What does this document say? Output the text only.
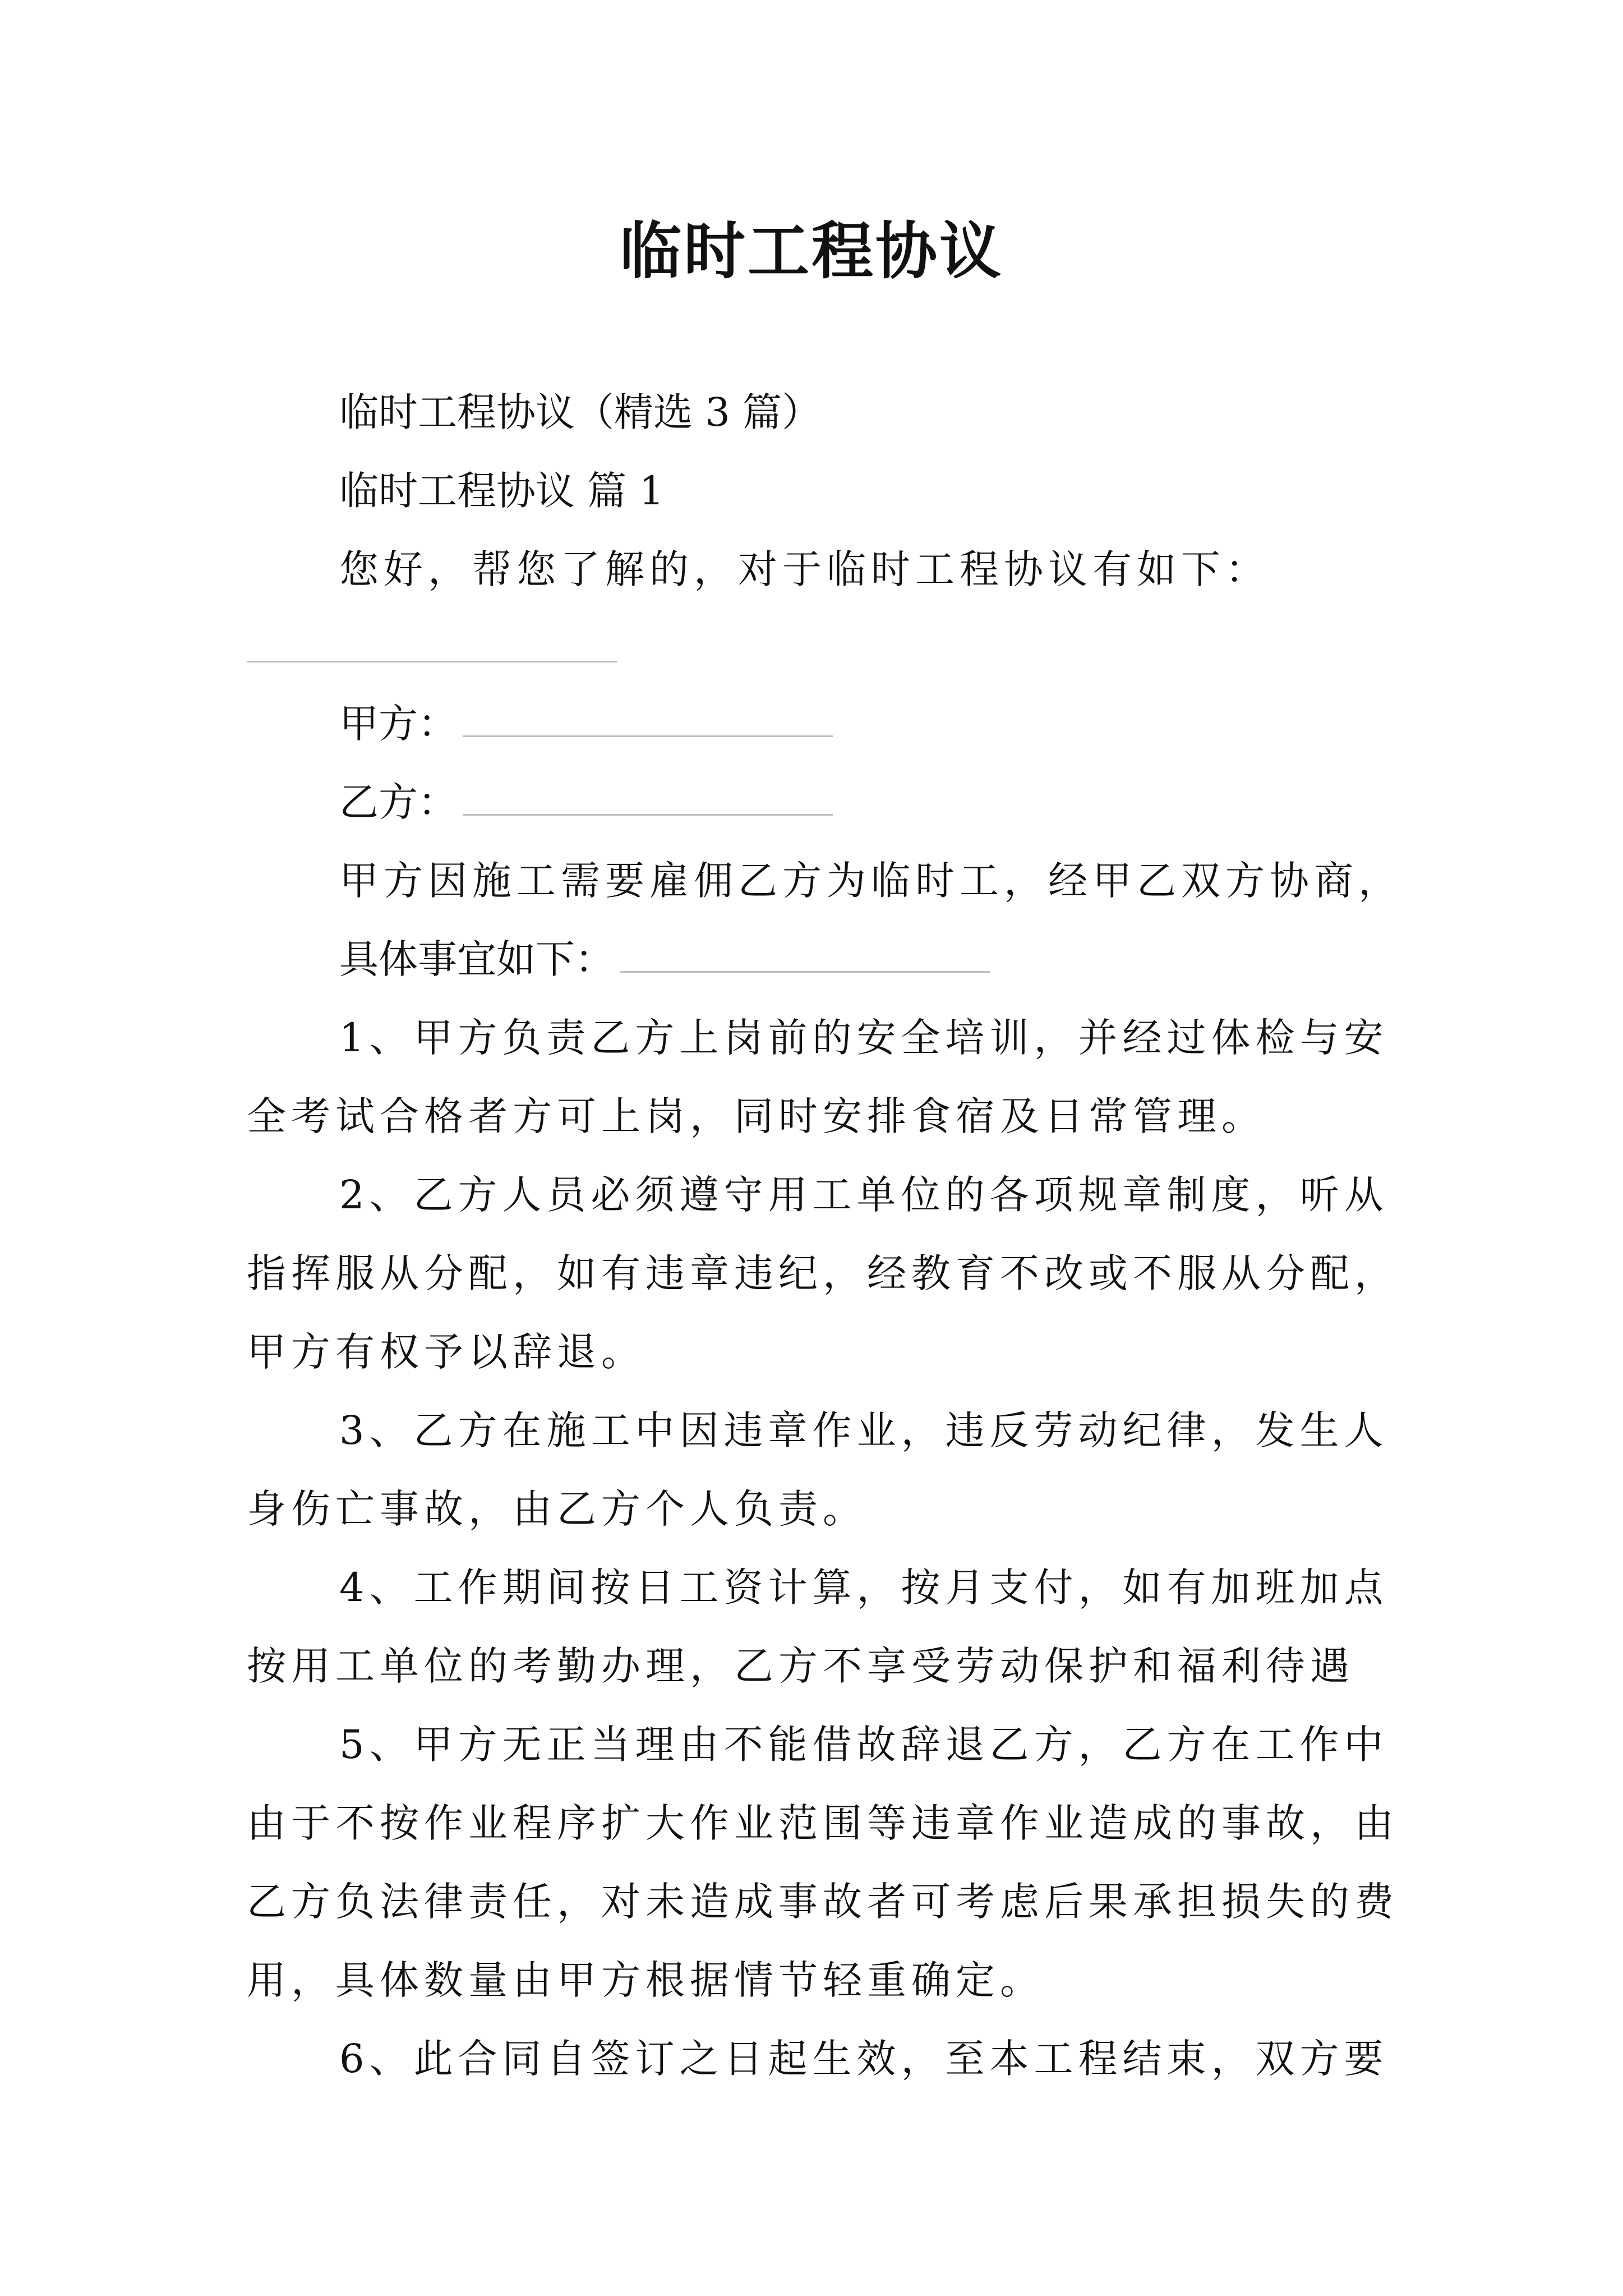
临时工程协议
临时工程协议（精选 3 篇）
临时工程协议 篇 1
您好，帮您了解的，对于临时工程协议有如下：
甲方：
乙方：
甲方因施工需要雇佣乙方为临时工，经甲乙双方协商，
具体事宜如下：
1、甲方负责乙方上岗前的安全培训，并经过体检与安
全考试合格者方可上岗，同时安排食宿及日常管理。
2、乙方人员必须遵守用工单位的各项规章制度，听从
指挥服从分配，如有违章违纪，经教育不改或不服从分配，
甲方有权予以辞退。
3、乙方在施工中因违章作业，违反劳动纪律，发生人
身伤亡事故，由乙方个人负责。
4、工作期间按日工资计算，按月支付，如有加班加点
按用工单位的考勤办理，乙方不享受劳动保护和福利待遇
5、甲方无正当理由不能借故辞退乙方，乙方在工作中
由于不按作业程序扩大作业范围等违章作业造成的事故，由
乙方负法律责任，对未造成事故者可考虑后果承担损失的费
用，具体数量由甲方根据情节轻重确定。
6、此合同自签订之日起生效，至本工程结束，双方要
